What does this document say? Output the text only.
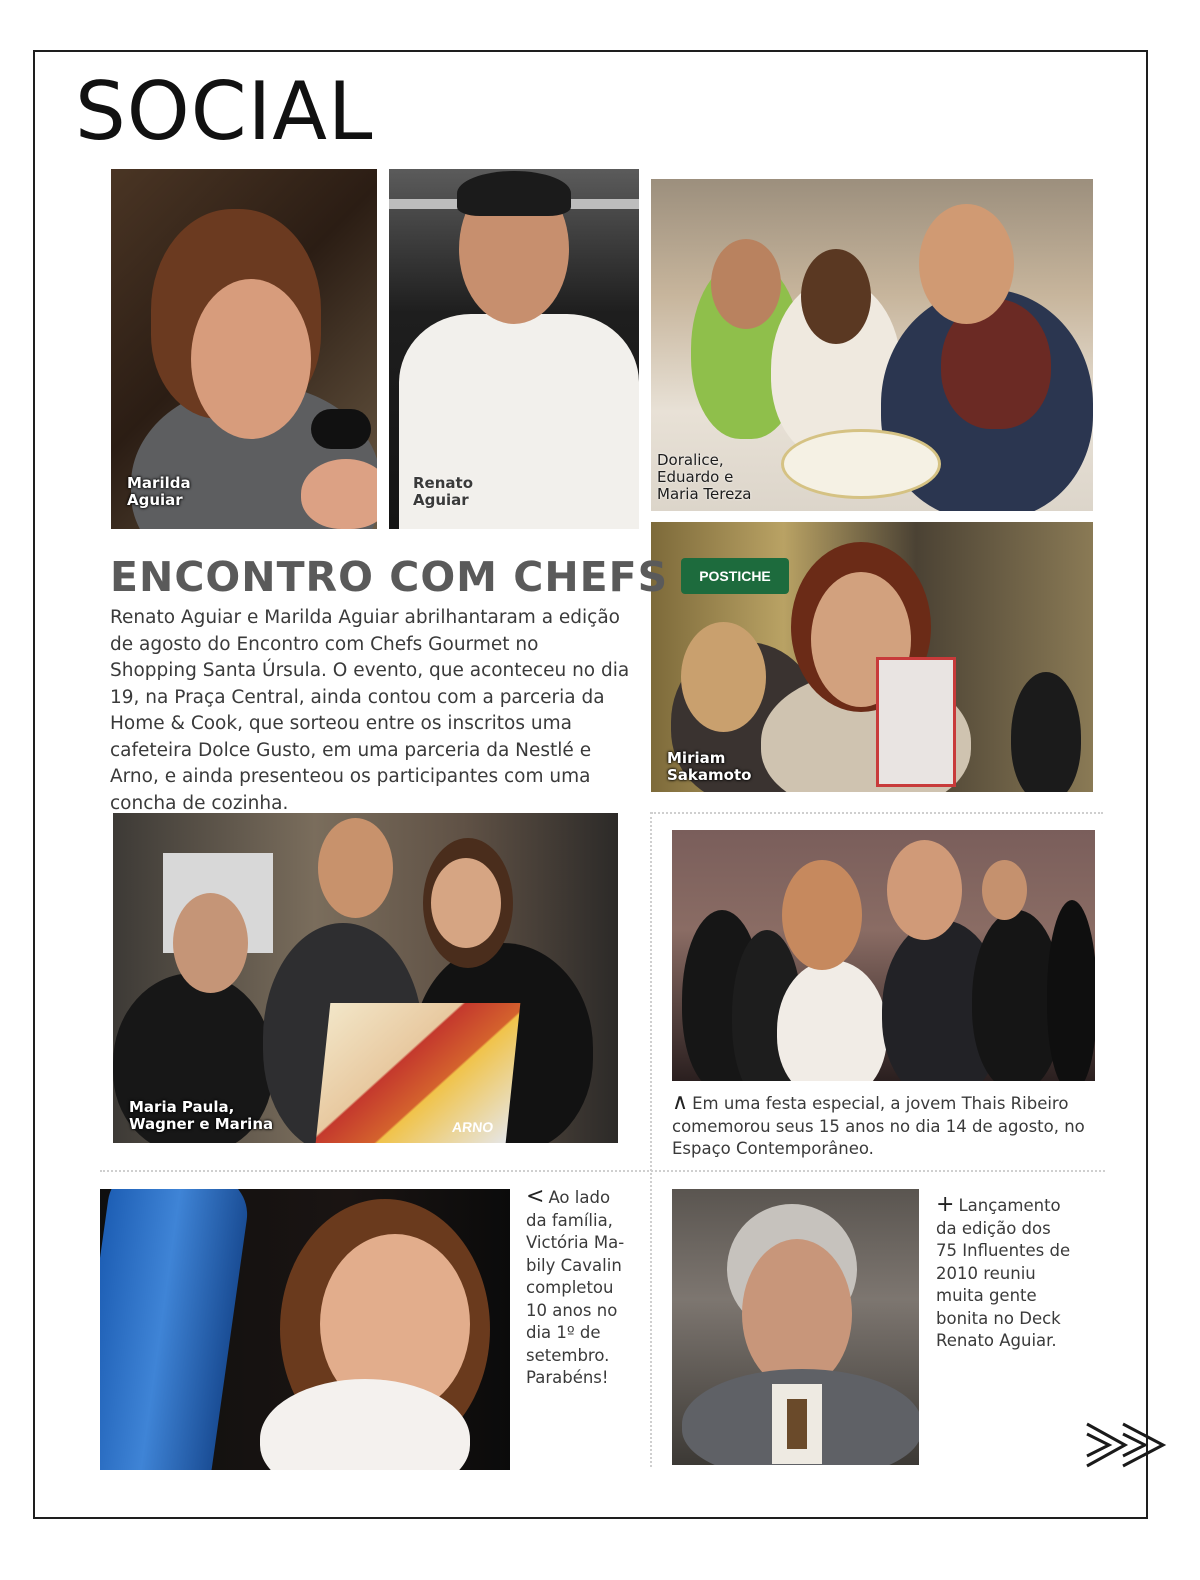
SOCIAL
Marilda
Aguiar
Renato
Aguiar
Doralice,
Eduardo e
Maria Tereza
POSTICHE
Miriam
Sakamoto
ENCONTRO COM CHEFS
Renato Aguiar e Marilda Aguiar abrilhantaram a edição de agosto do Encontro com Chefs Gourmet no Shopping Santa Úrsula. O evento, que aconteceu no dia 19, na Praça Central, ainda contou com a parceria da Home & Cook, que sorteou entre os inscritos uma cafeteira Dolce Gusto, em uma parceria da Nestlé e Arno, e ainda presenteou os participantes com uma concha de cozinha.
ARNO
Maria Paula,
Wagner e Marina
∧ Em uma festa especial, a jovem Thais Ribeiro comemorou seus 15 anos no dia 14 de agosto, no Espaço Contemporâneo.
< Ao lado da família, Victória Ma-bily Cavalin completou 10 anos no dia 1º de setembro. Parabéns!
+ Lançamento da edição dos 75 Influentes de 2010 reuniu muita gente bonita no Deck Renato Aguiar.
